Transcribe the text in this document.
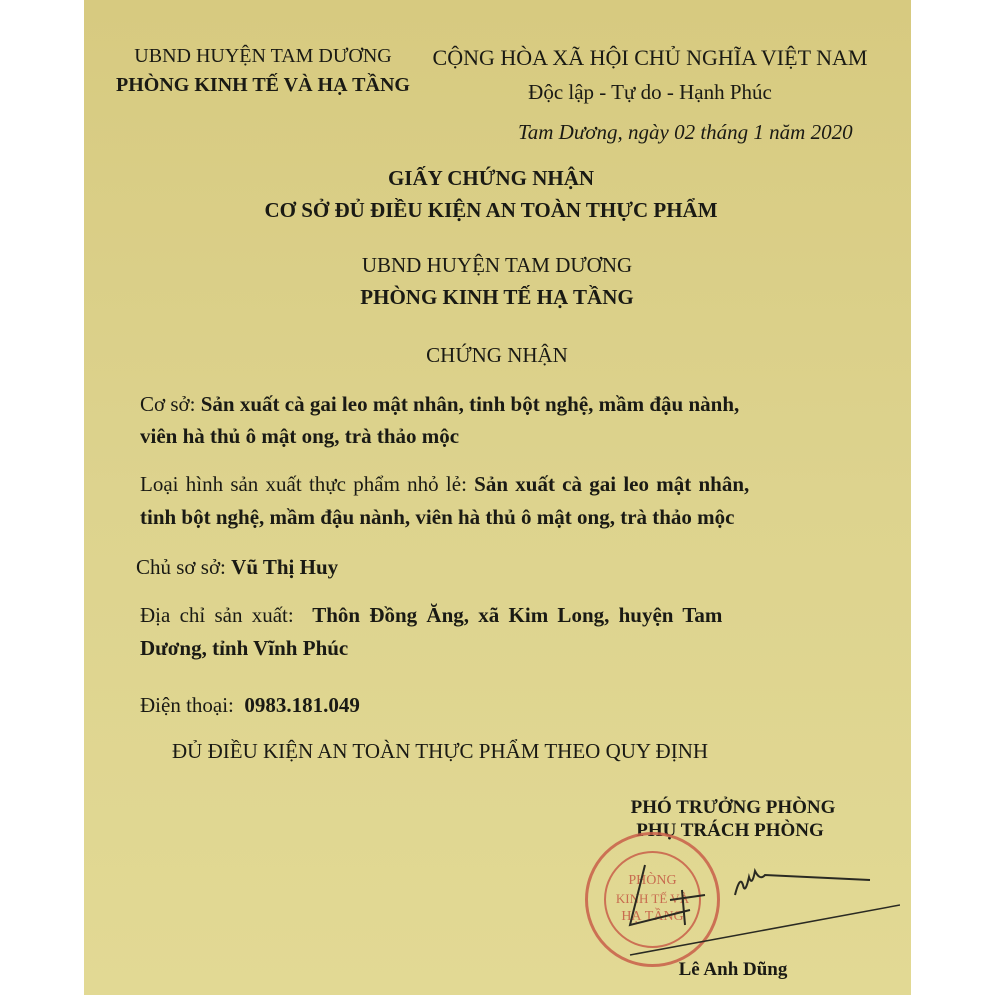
UBND HUYỆN TAM DƯƠNG
PHÒNG KINH TẾ VÀ HẠ TẦNG
CỘNG HÒA XÃ HỘI CHỦ NGHĨA VIỆT NAM
Độc lập - Tự do - Hạnh Phúc
Tam Dương, ngày 02 tháng 1 năm 2020
GIẤY CHỨNG NHẬN
CƠ SỞ ĐỦ ĐIỀU KIỆN AN TOÀN THỰC PHẨM
UBND HUYỆN TAM DƯƠNG
PHÒNG KINH TẾ HẠ TẦNG
CHỨNG NHẬN
Cơ sở: Sản xuất cà gai leo mật nhân, tinh bột nghệ, mầm đậu nành,
viên hà thủ ô mật ong, trà thảo mộc
Loại hình sản xuất thực phẩm nhỏ lẻ: Sản xuất cà gai leo mật nhân,
tinh bột nghệ, mầm đậu nành, viên hà thủ ô mật ong, trà thảo mộc
Chủ sơ sở: Vũ Thị Huy
Địa chỉ sản xuất: Thôn Đồng Ăng, xã Kim Long, huyện Tam
Dương, tỉnh Vĩnh Phúc
Điện thoại: 0983.181.049
ĐỦ ĐIỀU KIỆN AN TOÀN THỰC PHẨM THEO QUY ĐỊNH
PHÓ TRƯỞNG PHÒNG
PHỤ TRÁCH PHÒNG
PHÒNG
KINH TẾ VÀ
HẠ TẦNG
Lê Anh Dũng
